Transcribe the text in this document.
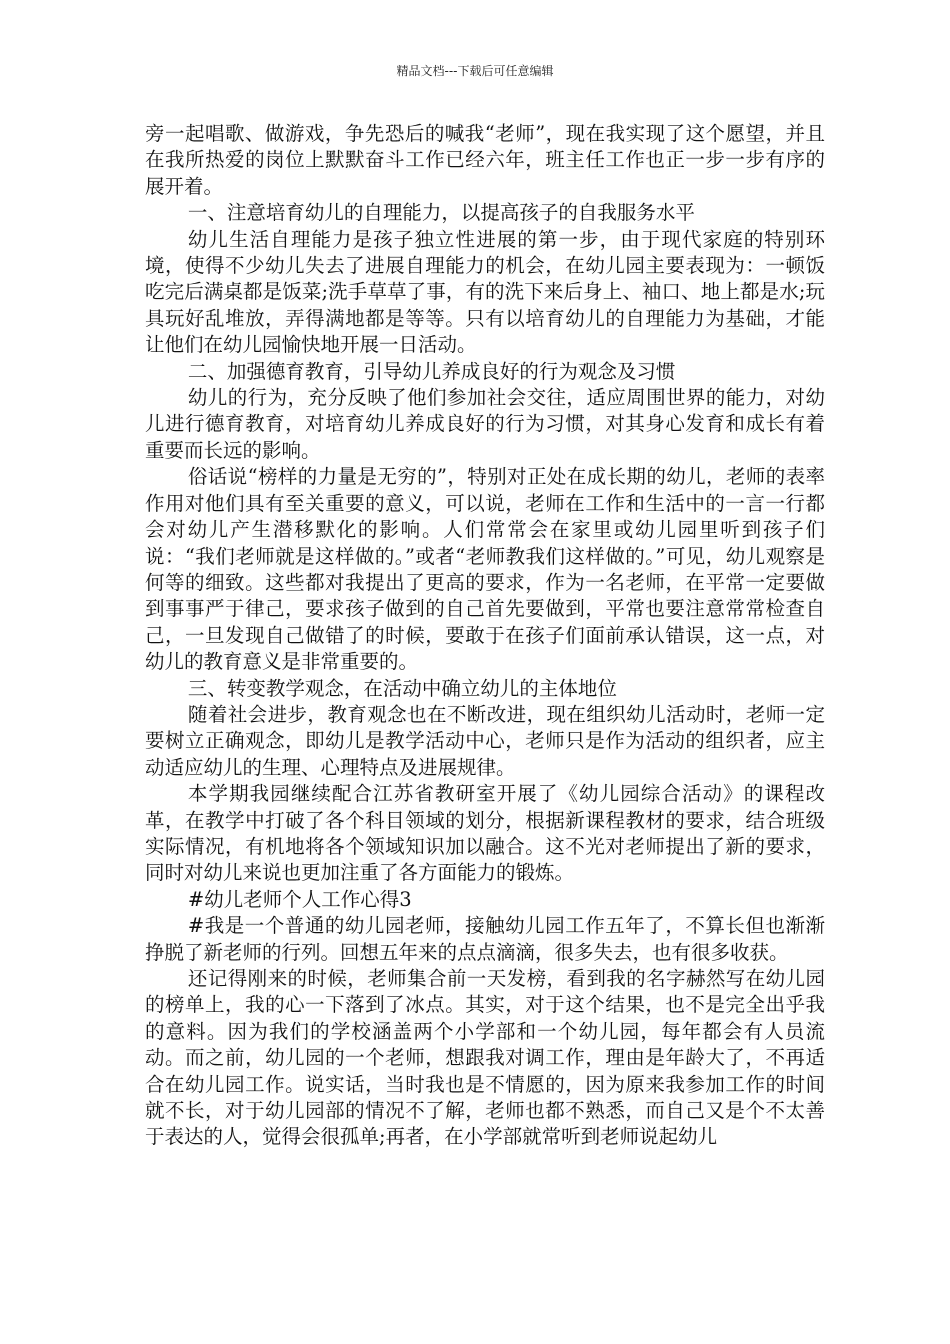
精品文档---下载后可任意编辑

旁一起唱歌、做游戏，争先恐后的喊我“老师”，现在我实现了这个愿望，并且在我所热爱的岗位上默默奋斗工作已经六年，班主任工作也正一步一步有序的展开着。

一、注意培育幼儿的自理能力，以提高孩子的自我服务水平

幼儿生活自理能力是孩子独立性进展的第一步，由于现代家庭的特别环境，使得不少幼儿失去了进展自理能力的机会，在幼儿园主要表现为：一顿饭吃完后满桌都是饭菜;洗手草草了事，有的洗下来后身上、袖口、地上都是水;玩具玩好乱堆放，弄得满地都是等等。只有以培育幼儿的自理能力为基础，才能让他们在幼儿园愉快地开展一日活动。

二、加强德育教育，引导幼儿养成良好的行为观念及习惯

幼儿的行为，充分反映了他们参加社会交往，适应周围世界的能力，对幼儿进行德育教育，对培育幼儿养成良好的行为习惯，对其身心发育和成长有着重要而长远的影响。

俗话说“榜样的力量是无穷的”，特别对正处在成长期的幼儿，老师的表率作用对他们具有至关重要的意义，可以说，老师在工作和生活中的一言一行都会对幼儿产生潜移默化的影响。人们常常会在家里或幼儿园里听到孩子们说：“我们老师就是这样做的。”或者“老师教我们这样做的。”可见，幼儿观察是何等的细致。这些都对我提出了更高的要求，作为一名老师，在平常一定要做到事事严于律己，要求孩子做到的自己首先要做到，平常也要注意常常检查自己，一旦发现自己做错了的时候，要敢于在孩子们面前承认错误，这一点，对幼儿的教育意义是非常重要的。

三、转变教学观念，在活动中确立幼儿的主体地位

随着社会进步，教育观念也在不断改进，现在组织幼儿活动时，老师一定要树立正确观念，即幼儿是教学活动中心，老师只是作为活动的组织者，应主动适应幼儿的生理、心理特点及进展规律。

本学期我园继续配合江苏省教研室开展了《幼儿园综合活动》的课程改革，在教学中打破了各个科目领域的划分，根据新课程教材的要求，结合班级实际情况，有机地将各个领域知识加以融合。这不光对老师提出了新的要求，同时对幼儿来说也更加注重了各方面能力的锻炼。

#幼儿老师个人工作心得3

#我是一个普通的幼儿园老师，接触幼儿园工作五年了，不算长但也渐渐挣脱了新老师的行列。回想五年来的点点滴滴，很多失去，也有很多收获。

还记得刚来的时候，老师集合前一天发榜，看到我的名字赫然写在幼儿园的榜单上，我的心一下落到了冰点。其实，对于这个结果，也不是完全出乎我的意料。因为我们的学校涵盖两个小学部和一个幼儿园，每年都会有人员流动。而之前，幼儿园的一个老师，想跟我对调工作，理由是年龄大了，不再适合在幼儿园工作。说实话，当时我也是不情愿的，因为原来我参加工作的时间就不长，对于幼儿园部的情况不了解，老师也都不熟悉，而自己又是个不太善于表达的人，觉得会很孤单;再者，在小学部就常听到老师说起幼儿
